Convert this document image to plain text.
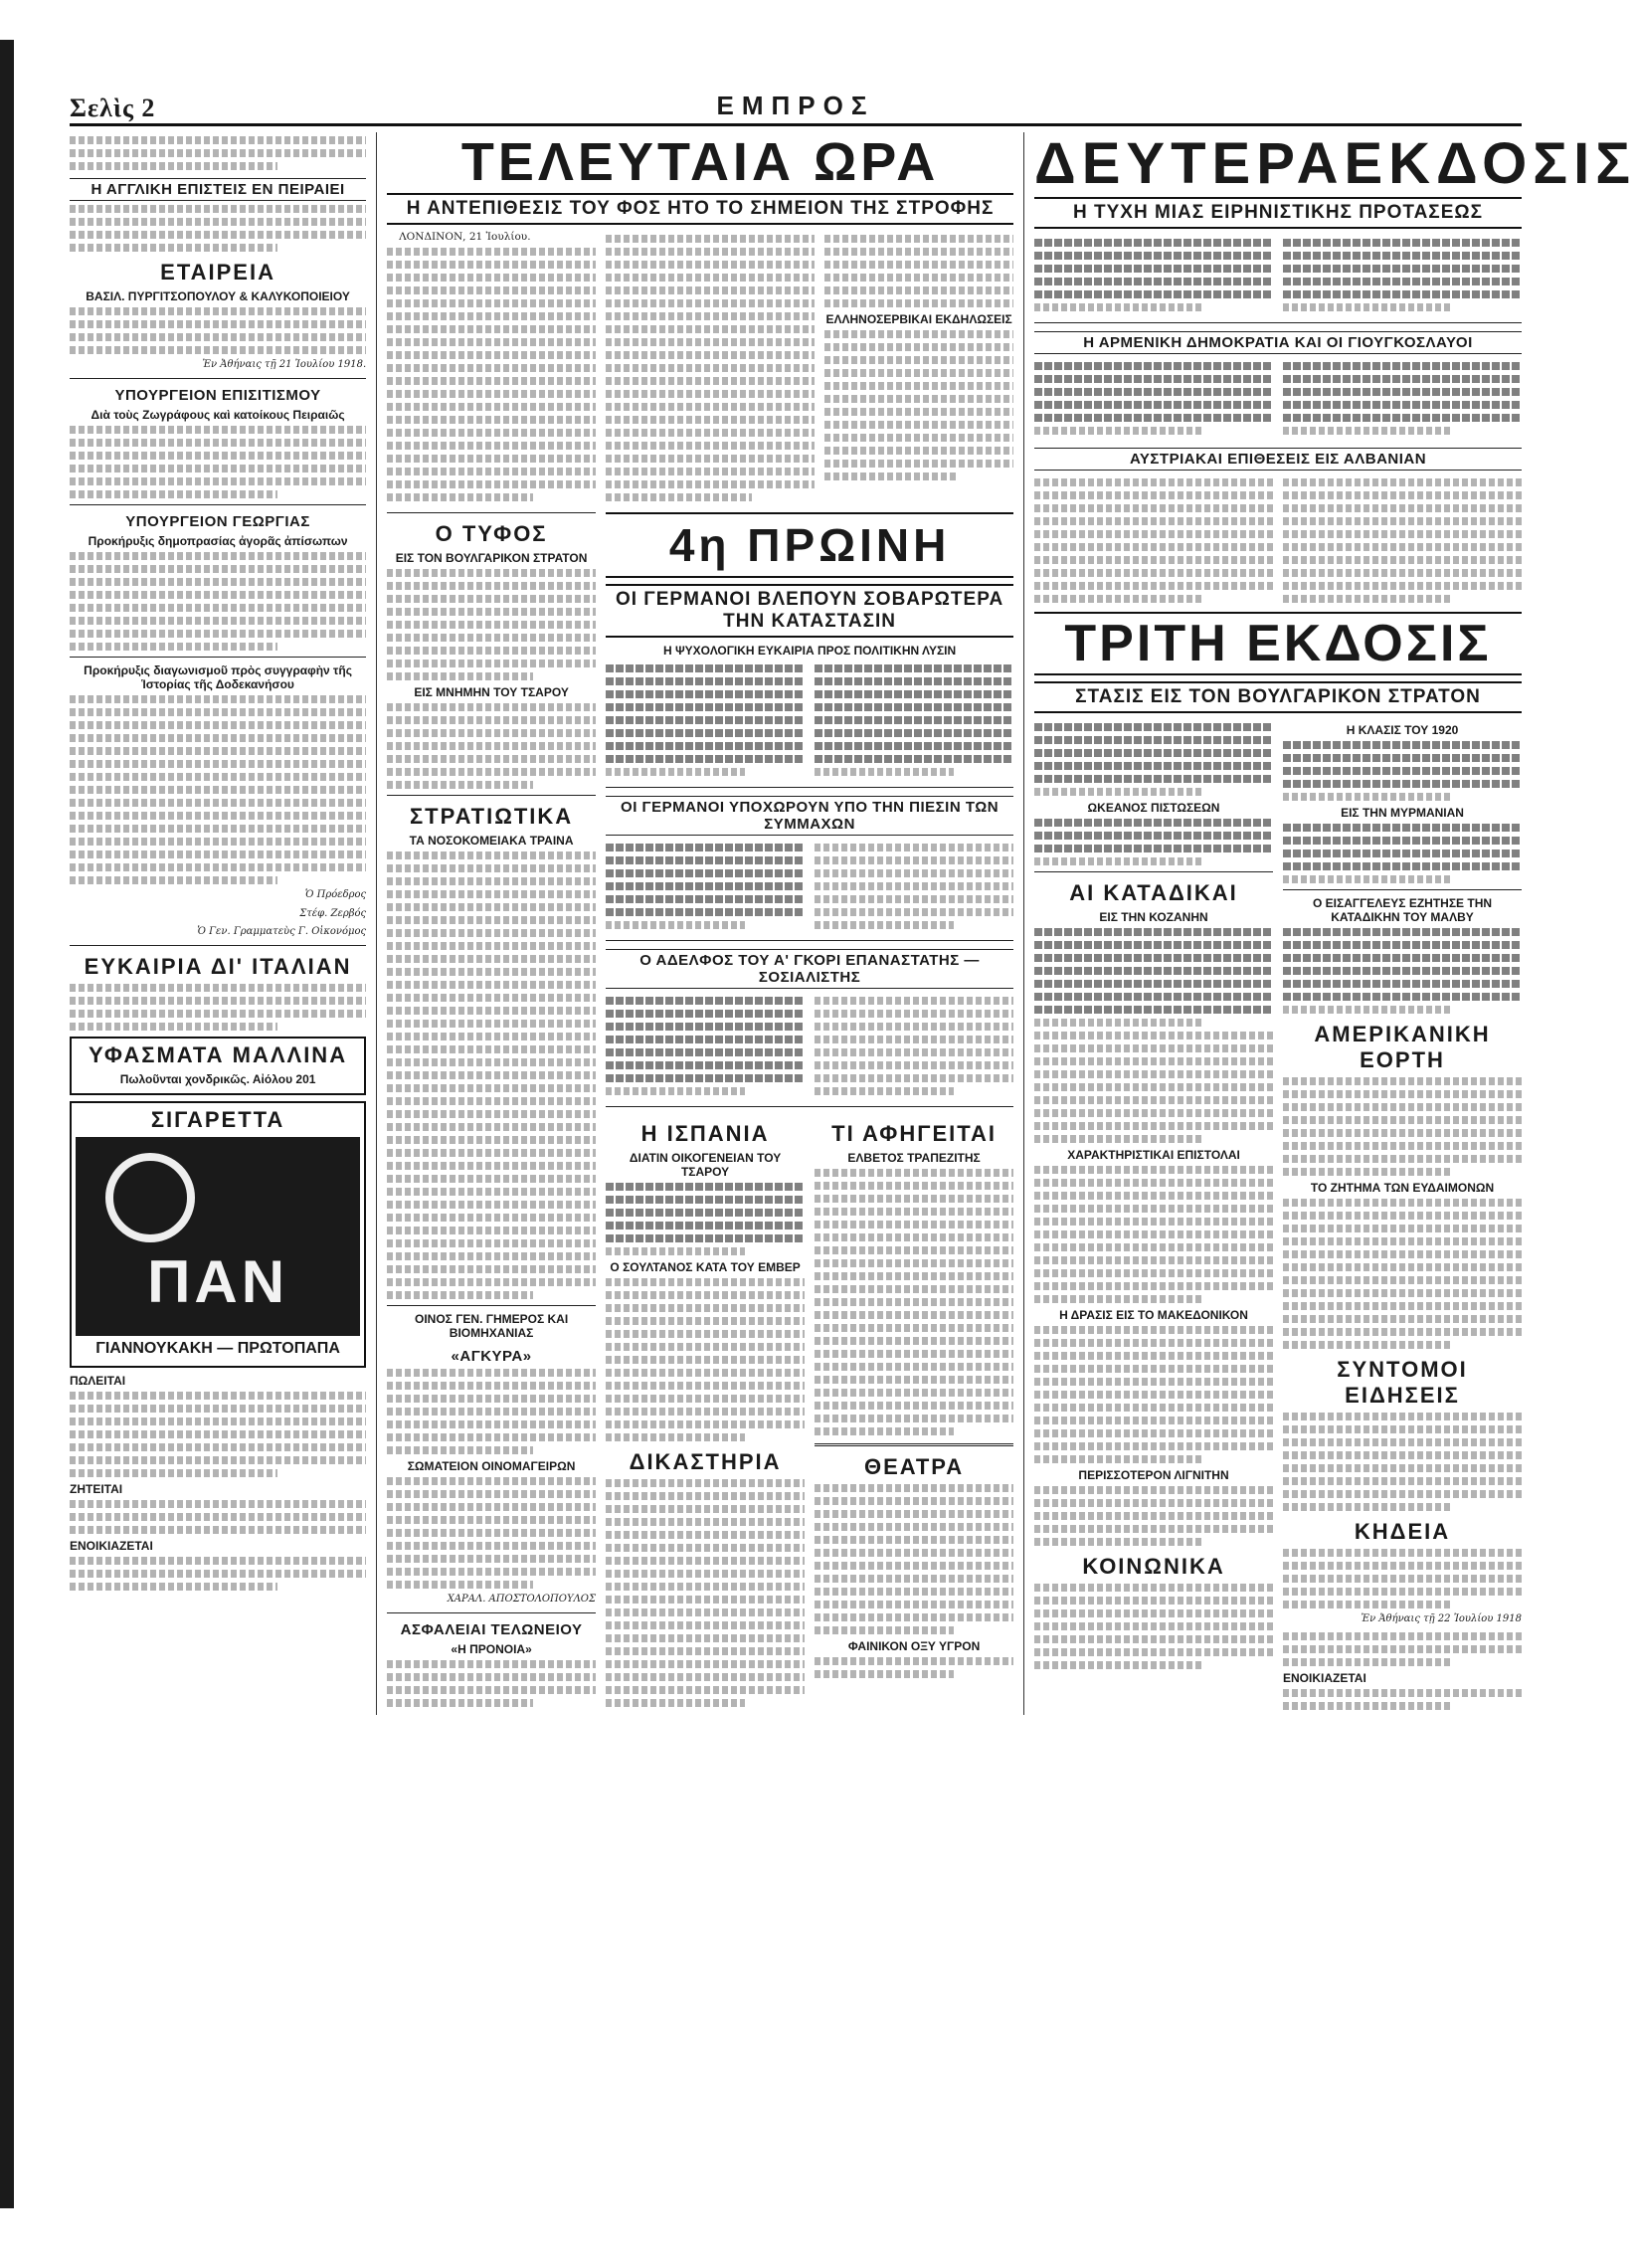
Σελὶς 2	ΕΜΠΡΟΣ
Η ΑΓΓΛΙΚΗ ΕΠΙΣΤΕΙΣ ΕΝ ΠΕΙΡΑΙΕΙ
ΕΤΑΙΡΕΙΑ
ΒΑΣΙΛ. ΠΥΡΓΙΤΣΟΠΟΥΛΟΥ & ΚΑΛΥΚΟΠΟΙΕΙΟΥ

Ἐν Ἀθήναις τῇ 21 Ἰουλίου 1918.

ΥΠΟΥΡΓΕΙΟΝ ΕΠΙΣΙΤΙΣΜΟΥ
Διὰ τοὺς Ζωγράφους καὶ κατοίκους Πειραιῶς
ΥΠΟΥΡΓΕΙΟΝ ΓΕΩΡΓΙΑΣ
Προκήρυξις δημοπρασίας ἀγορᾶς ἀπίσωπων
Προκήρυξις διαγωνισμοῦ πρὸς συγγραφὴν τῆς Ἱστορίας τῆς Δοδεκανήσου

Ὁ Πρόεδρος

Στέφ. Ζερβός

Ὁ Γεν. Γραμματεὺς Γ. Οἰκονόμος

ΕΥΚΑΙΡΙΑ ΔΙ' ΙΤΑΛΙΑΝ
ΥΦΑΣΜΑΤΑ ΜΑΛΛΙΝΑ
Πωλοῦνται χονδρικῶς. Αἰόλου 201
ΣΙΓΑΡΕΤΤΑ
ΠΑΝ
ΓΙΑΝΝΟΥΚΑΚΗ — ΠΡΩΤΟΠΑΠΑ
ΠΩΛΕΙΤΑΙ
ΖΗΤΕΙΤΑΙ
ΕΝΟΙΚΙΑΖΕΤΑΙ
ΤΕΛΕΥΤΑΙΑ ΩΡΑ
Η ΑΝΤΕΠΙΘΕΣΙΣ ΤΟΥ ΦΟΣ ΗΤΟ ΤΟ ΣΗΜΕΙΟΝ ΤΗΣ ΣΤΡΟΦΗΣ

ΛΟΝΔΙΝΟΝ, 21 Ἰουλίου.

ΕΛΛΗΝΟΣΕΡΒΙΚΑΙ ΕΚΔΗΛΩΣΕΙΣ
Ο ΤΥΦΟΣ
ΕΙΣ ΤΟΝ ΒΟΥΛΓΑΡΙΚΟΝ ΣΤΡΑΤΟΝ
ΕΙΣ ΜΝΗΜΗΝ ΤΟΥ ΤΣΑΡΟΥ
ΣΤΡΑΤΙΩΤΙΚΑ
ΤΑ ΝΟΣΟΚΟΜΕΙΑΚΑ ΤΡΑΙΝΑ
ΟΙΝΟΣ ΓΕΝ. ΓΗΜΕΡΟΣ ΚΑΙ ΒΙΟΜΗΧΑΝΙΑΣ
«ΑΓΚΥΡΑ»
ΣΩΜΑΤΕΙΟΝ ΟΙΝΟΜΑΓΕΙΡΩΝ

ΧΑΡΑΛ. ΑΠΟΣΤΟΛΟΠΟΥΛΟΣ

ΑΣΦΑΛΕΙΑΙ ΤΕΛΩΝΕΙΟΥ
«Η ΠΡΟΝΟΙΑ»
4η ΠΡΩΙΝΗ
ΟΙ ΓΕΡΜΑΝΟΙ ΒΛΕΠΟΥΝ ΣΟΒΑΡΩΤΕΡΑ ΤΗΝ ΚΑΤΑΣΤΑΣΙΝ
Η ΨΥΧΟΛΟΓΙΚΗ ΕΥΚΑΙΡΙΑ ΠΡΟΣ ΠΟΛΙΤΙΚΗΝ ΛΥΣΙΝ
ΟΙ ΓΕΡΜΑΝΟΙ ΥΠΟΧΩΡΟΥΝ ΥΠΟ ΤΗΝ ΠΙΕΣΙΝ ΤΩΝ ΣΥΜΜΑΧΩΝ
Ο ΑΔΕΛΦΟΣ ΤΟΥ Α' ΓΚΟΡΙ ΕΠΑΝΑΣΤΑΤΗΣ — ΣΟΣΙΑΛΙΣΤΗΣ
Η ΙΣΠΑΝΙΑ
ΔΙΑΤΙΝ ΟΙΚΟΓΕΝΕΙΑΝ ΤΟΥ ΤΣΑΡΟΥ
Ο ΣΟΥΛΤΑΝΟΣ ΚΑΤΑ ΤΟΥ ΕΜΒΕΡ
ΔΙΚΑΣΤΗΡΙΑ
ΤΙ ΑΦΗΓΕΙΤΑΙ
ΕΛΒΕΤΟΣ ΤΡΑΠΕΖΙΤΗΣ
ΘΕΑΤΡΑ
ΦΑΙΝΙΚΟΝ ΟΞΥ ΥΓΡΟΝ
ΔΕΥΤΕΡΑΕΚΔΟΣΙΣ
Η ΤΥΧΗ ΜΙΑΣ ΕΙΡΗΝΙΣΤΙΚΗΣ ΠΡΟΤΑΣΕΩΣ
Η ΑΡΜΕΝΙΚΗ ΔΗΜΟΚΡΑΤΙΑ ΚΑΙ ΟΙ ΓΙΟΥΓΚΟΣΛΑΥΟΙ
ΑΥΣΤΡΙΑΚΑΙ ΕΠΙΘΕΣΕΙΣ ΕΙΣ ΑΛΒΑΝΙΑΝ
ΤΡΙΤΗ ΕΚΔΟΣΙΣ
ΣΤΑΣΙΣ ΕΙΣ ΤΟΝ ΒΟΥΛΓΑΡΙΚΟΝ ΣΤΡΑΤΟΝ
ΩΚΕΑΝΟΣ ΠΙΣΤΩΣΕΩΝ
ΑΙ ΚΑΤΑΔΙΚΑΙ
ΕΙΣ ΤΗΝ ΚΟΖΑΝΗΝ
ΧΑΡΑΚΤΗΡΙΣΤΙΚΑΙ ΕΠΙΣΤΟΛΑΙ
Η ΔΡΑΣΙΣ ΕΙΣ ΤΟ ΜΑΚΕΔΟΝΙΚΟΝ
ΠΕΡΙΣΣΟΤΕΡΟΝ ΛΙΓΝΙΤΗΝ
ΚΟΙΝΩΝΙΚΑ
Η ΚΛΑΣΙΣ ΤΟΥ 1920
ΕΙΣ ΤΗΝ ΜΥΡΜΑΝΙΑΝ
Ο ΕΙΣΑΓΓΕΛΕΥΣ ΕΖΗΤΗΣΕ ΤΗΝ ΚΑΤΑΔΙΚΗΝ ΤΟΥ ΜΑΛΒΥ
ΑΜΕΡΙΚΑΝΙΚΗ ΕΟΡΤΗ
ΤΟ ΖΗΤΗΜΑ ΤΩΝ ΕΥΔΑΙΜΟΝΩΝ
ΣΥΝΤΟΜΟΙ ΕΙΔΗΣΕΙΣ
ΚΗΔΕΙΑ

Ἐν Ἀθήναις τῇ 22 Ἰουλίου 1918

ΕΝΟΙΚΙΑΖΕΤΑΙ
